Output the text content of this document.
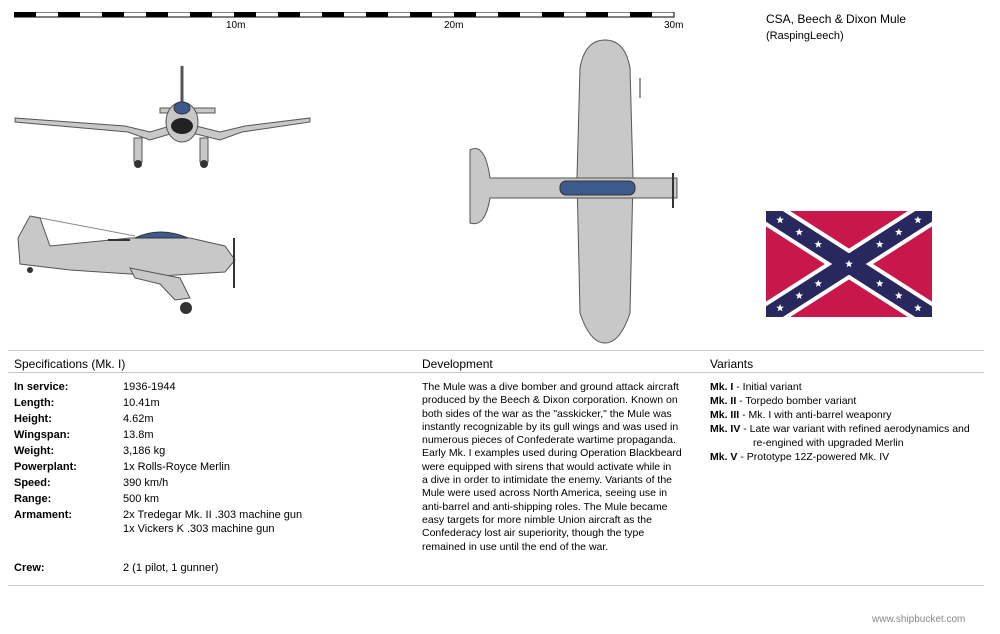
10m	20m	30m	CSA, Beech & Dixon Mule
(RaspingLeech)
Specifications (Mk. I)	Development	Variants
In service:	1936-1944
Length:	10.41m
Height:	4.62m
Wingspan:	13.8m
Weight:	3,186 kg
Powerplant:	1x Rolls-Royce Merlin
Speed:	390 km/h
Range:	500 km
Armament:	2x Tredegar Mk. II .303 machine gun
1x Vickers K .303 machine gun
Crew:	2 (1 pilot, 1 gunner)
The Mule was a dive bomber and ground attack aircraft
produced by the Beech & Dixon corporation. Known on
both sides of the war as the "asskicker," the Mule was
instantly recognizable by its gull wings and was used in
numerous pieces of Confederate wartime propaganda.
Early Mk. I examples used during Operation Blackbeard
were equipped with sirens that would activate while in
a dive in order to intimidate the enemy. Variants of the
Mule were used across North America, seeing use in
anti-barrel and anti-shipping roles. The Mule became
easy targets for more nimble Union aircraft as the
Confederacy lost air superiority, though the type
remained in use until the end of the war.
Mk. I - Initial variant
Mk. II - Torpedo bomber variant
Mk. III - Mk. I with anti-barrel weaponry
Mk. IV - Late war variant with refined aerodynamics and
re-engined with upgraded Merlin
Mk. V - Prototype 12Z-powered Mk. IV
www.shipbucket.com
